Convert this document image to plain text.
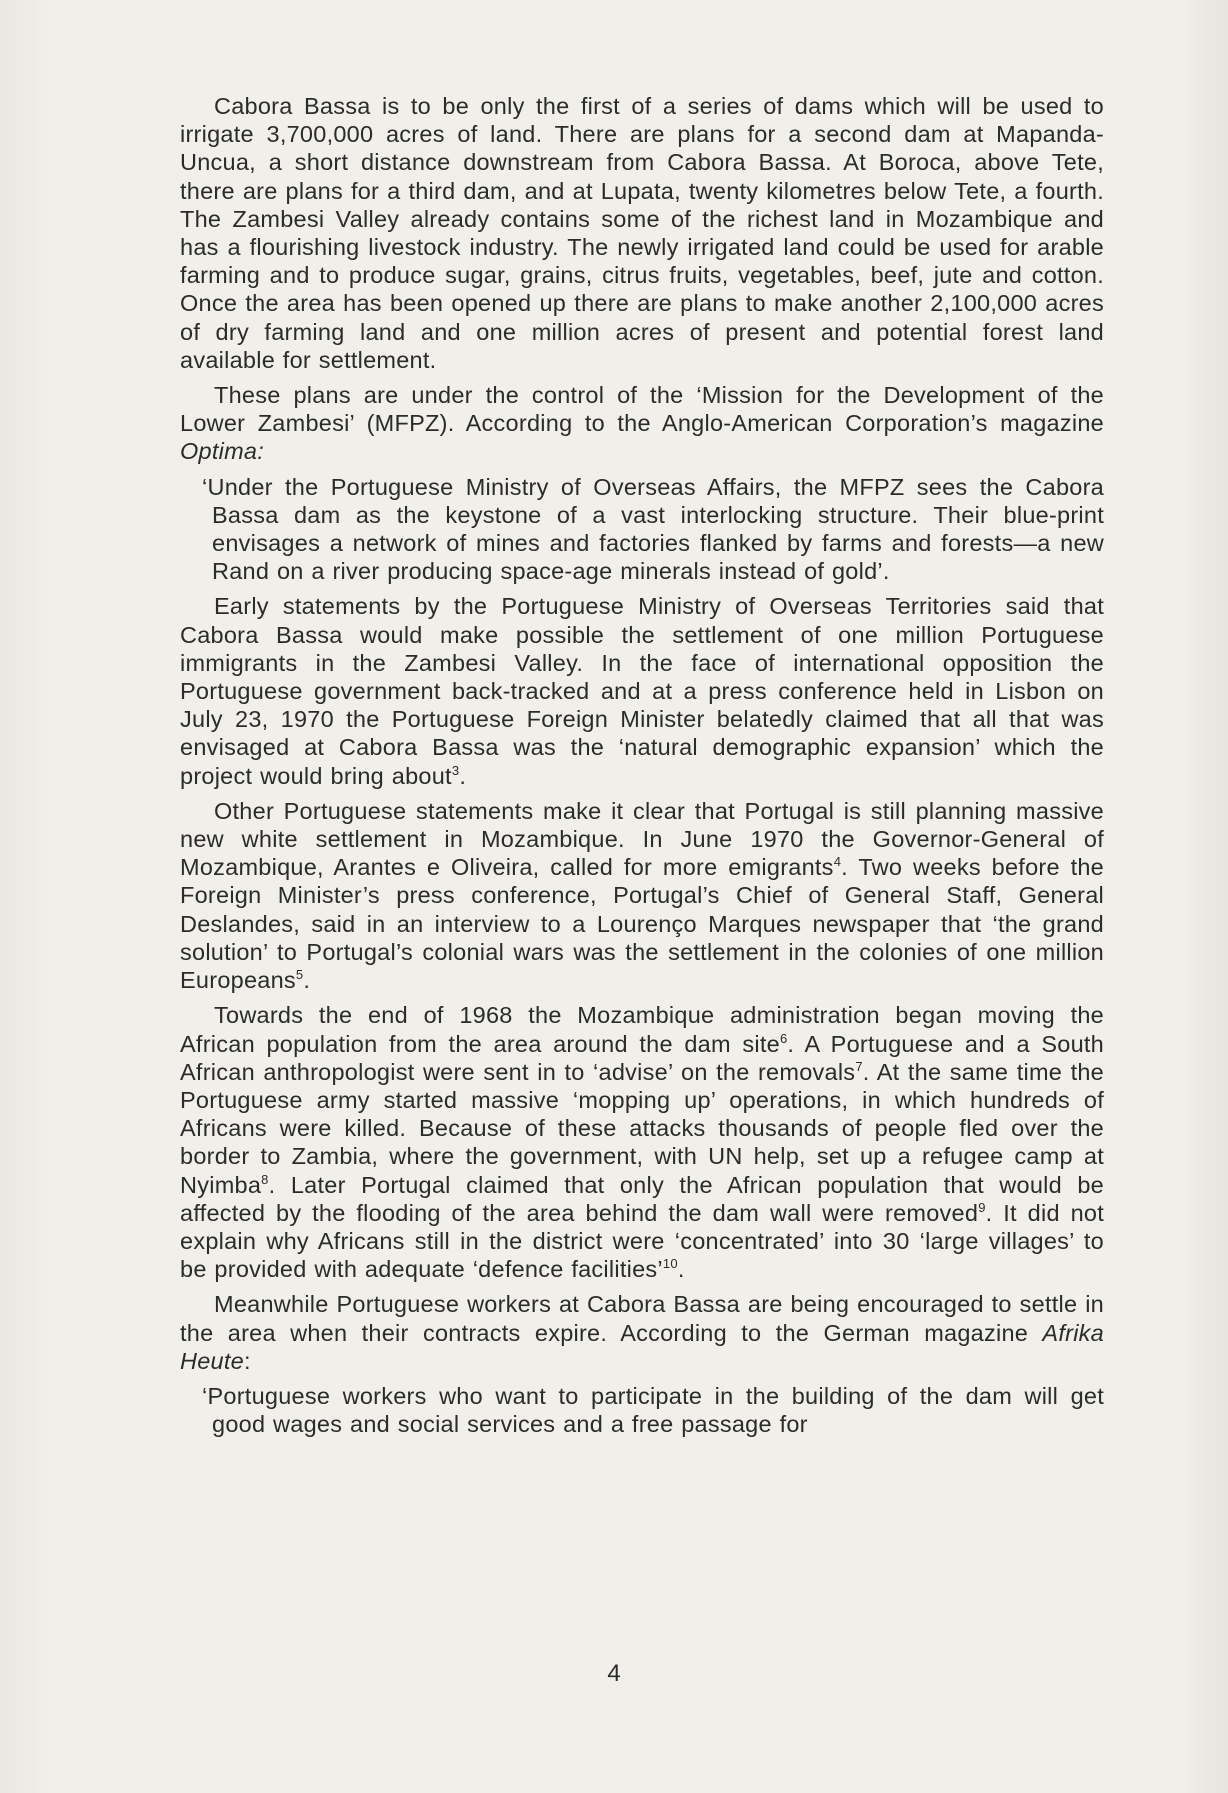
Cabora Bassa is to be only the first of a series of dams which will be used to irrigate 3,700,000 acres of land. There are plans for a second dam at Mapanda-Uncua, a short distance downstream from Cabora Bassa. At Boroca, above Tete, there are plans for a third dam, and at Lupata, twenty kilometres below Tete, a fourth. The Zambesi Valley already contains some of the richest land in Mozambique and has a flourishing livestock industry. The newly irrigated land could be used for arable farming and to produce sugar, grains, citrus fruits, vegetables, beef, jute and cotton. Once the area has been opened up there are plans to make another 2,100,000 acres of dry farming land and one million acres of present and potential forest land available for settlement.

These plans are under the control of the ‘Mission for the Development of the Lower Zambesi’ (MFPZ). According to the Anglo-American Corporation’s magazine Optima:

‘Under the Portuguese Ministry of Overseas Affairs, the MFPZ sees the Cabora Bassa dam as the keystone of a vast interlocking structure. Their blue-print envisages a network of mines and factories flanked by farms and forests—a new Rand on a river producing space-age minerals instead of gold’.

Early statements by the Portuguese Ministry of Overseas Territories said that Cabora Bassa would make possible the settlement of one million Portuguese immigrants in the Zambesi Valley. In the face of international opposition the Portuguese government back-tracked and at a press conference held in Lisbon on July 23, 1970 the Portuguese Foreign Minister belatedly claimed that all that was envisaged at Cabora Bassa was the ‘natural demographic expansion’ which the project would bring about$^3$.

Other Portuguese statements make it clear that Portugal is still planning massive new white settlement in Mozambique. In June 1970 the Governor-General of Mozambique, Arantes e Oliveira, called for more emigrants$^4$. Two weeks before the Foreign Minister’s press conference, Portugal’s Chief of General Staff, General Deslandes, said in an interview to a Lourenço Marques newspaper that ‘the grand solution’ to Portugal’s colonial wars was the settlement in the colonies of one million Europeans$^5$.

Towards the end of 1968 the Mozambique administration began moving the African population from the area around the dam site$^6$. A Portuguese and a South African anthropologist were sent in to ‘advise’ on the removals$^7$. At the same time the Portuguese army started massive ‘mopping up’ operations, in which hundreds of Africans were killed. Because of these attacks thousands of people fled over the border to Zambia, where the government, with UN help, set up a refugee camp at Nyimba$^8$. Later Portugal claimed that only the African population that would be affected by the flooding of the area behind the dam wall were removed$^9$. It did not explain why Africans still in the district were ‘concentrated’ into 30 ‘large villages’ to be provided with adequate ‘defence facilities’$^{10}$.

Meanwhile Portuguese workers at Cabora Bassa are being encouraged to settle in the area when their contracts expire. According to the German magazine Afrika Heute:

‘Portuguese workers who want to participate in the building of the dam will get good wages and social services and a free passage for

4
